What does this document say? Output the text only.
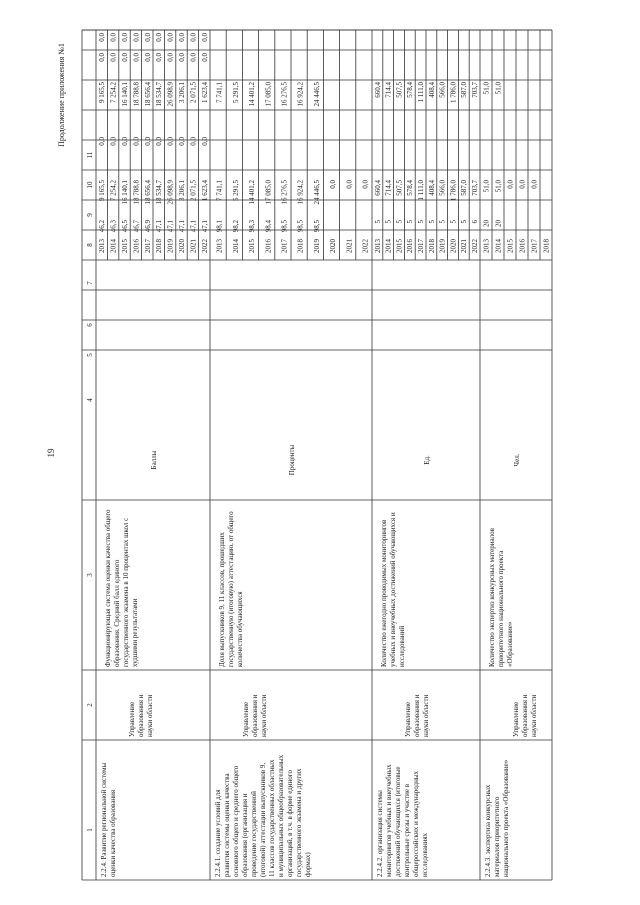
19
Продолжение приложения №1
1
2
3
4
5
6
7
8
9
10
11
2013
46,2
9 165,5
0,0
9 165,5
0,0
0,0
2014
46,3
7 254,2
0,0
7 254,2
0,0
0,0
2015
46,5
16 140,1
0,0
16 140,1
0,0
0,0
2016
46,7
18 788,8
0,0
18 788,8
0,0
0,0
2017
46,9
18 656,4
0,0
18 656,4
0,0
0,0
2018
47,1
18 534,7
0,0
18 534,7
0,0
0,0
2019
47,1
26 098,9
0,0
26 098,9
0,0
0,0
2020
47,1
3 206,1
0,0
3 206,1
0,0
0,0
2021
47,1
2 071,5
0,0
2 071,5
0,0
0,0
2022
47,1
1 623,4
0,0
1 623,4
0,0
0,0
2.2.4. Развитие региональной системыоценки качества образования
Управлениеобразования инауки области
Функционирующая система оценки качества общегообразования. Средний балл единогогосударственного экзамена в 10 процентах школ схудшими результатами
Баллы
2013
98,1
7 741,1
7 741,1
2014
98,2
5 291,5
5 291,5
2015
98,3
14 401,2
14 401,2
2016
98,4
17 085,0
17 085,0
2017
98,5
16 276,5
16 276,5
2018
98,5
16 924,2
16 924,2
2019
98,5
24 446,5
24 446,5
2020
0,0
2021
0,0
2022
0,0
2.2.4.1. создание условий дляразвития системы оценки качестваосновного общего и среднего общегообразования (организация ипроведение государственной(итоговой) аттестации выпускников 9,11 классов государственных областныхи муниципальных общеобразовательныхорганизаций, в т.ч. в форме единогогосударственного экзамена и другихформах)
Управлениеобразования инауки области
Доля выпускников 9, 11 классов, прошедшихгосударственную (итоговую) аттестацию, от общегоколичества обучающихся
Проценты
2013
5
660,4
660,4
2014
5
714,4
714,4
2015
5
507,5
507,5
2016
5
578,4
578,4
2017
5
1 111,0
1 111,0
2018
5
408,4
408,4
2019
5
566,0
566,0
2020
5
1 786,0
1 786,0
2021
5
587,0
587,0
2022
6
703,7
703,7
2.2.4.2. организация системымониторингов учебных и внеучебныхдостижений обучающихся (итоговыеконтрольные срезы и участие вобщероссийских и международныхисследованиях
Управлениеобразования инауки области
Количество ежегодно проводимых мониторинговучебных и внеучебных достижений обучающихся иисследований
Ед.
2013
20
51,0
51,0
2014
20
51,0
51,0
2015
0,0
2016
0,0
2017
0,0
2018
2.2.4.3. экспертиза конкурсныхматериалов приоритетногонационального проекта «Образование»
Управлениеобразования инауки области
Количество экспертиз конкурсных материаловприоритетного национального проекта«Образование»
Чел.
